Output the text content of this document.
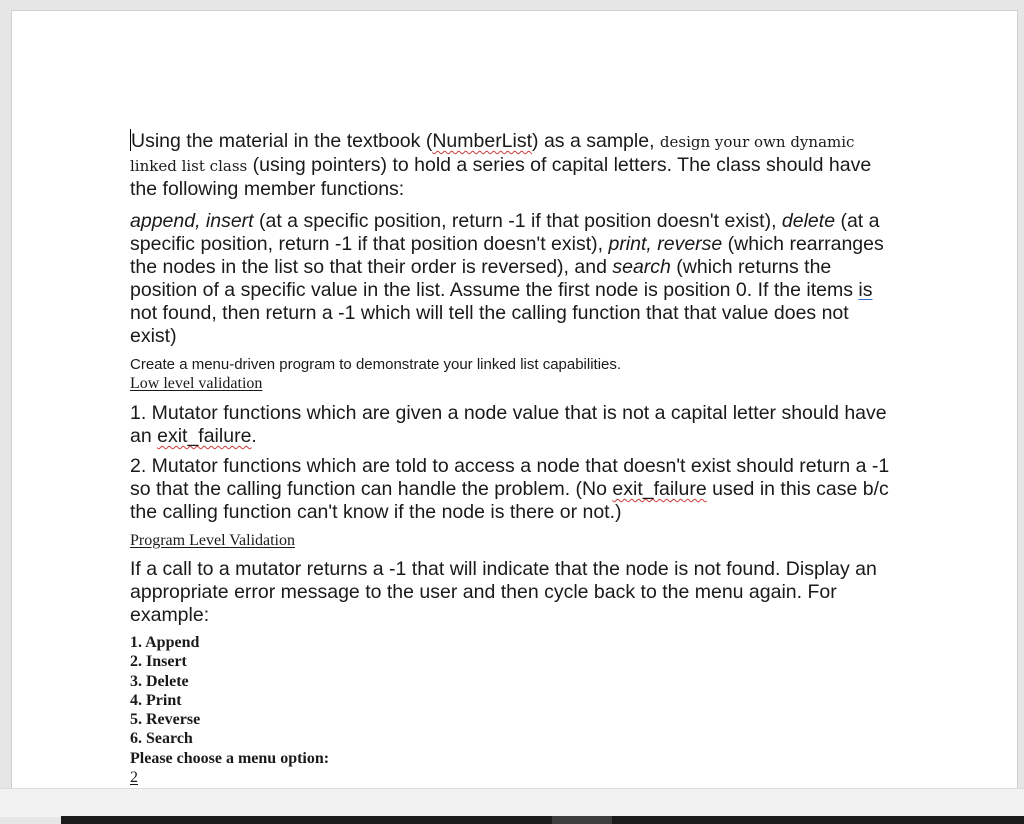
Using the material in the textbook (NumberList) as a sample, design your own dynamic linked list class (using pointers) to hold a series of capital letters. The class should have the following member functions:

append, insert (at a specific position, return -1 if that position doesn't exist), delete (at a specific position, return -1 if that position doesn't exist), print, reverse (which rearranges the nodes in the list so that their order is reversed), and search (which returns the position of a specific value in the list. Assume the first node is position 0. If the items is not found, then return a -1 which will tell the calling function that that value does not exist)

Create a menu-driven program to demonstrate your linked list capabilities.

Low level validation

1. Mutator functions which are given a node value that is not a capital letter should have an exit_failure.

2. Mutator functions which are told to access a node that doesn't exist should return a -1 so that the calling function can handle the problem. (No exit_failure used in this case b/c the calling function can't know if the node is there or not.)

Program Level Validation

If a call to a mutator returns a -1 that will indicate that the node is not found. Display an appropriate error message to the user and then cycle back to the menu again. For example:

1. Append
2. Insert
3. Delete
4. Print
5. Reverse
6. Search
Please choose a menu option:
2
